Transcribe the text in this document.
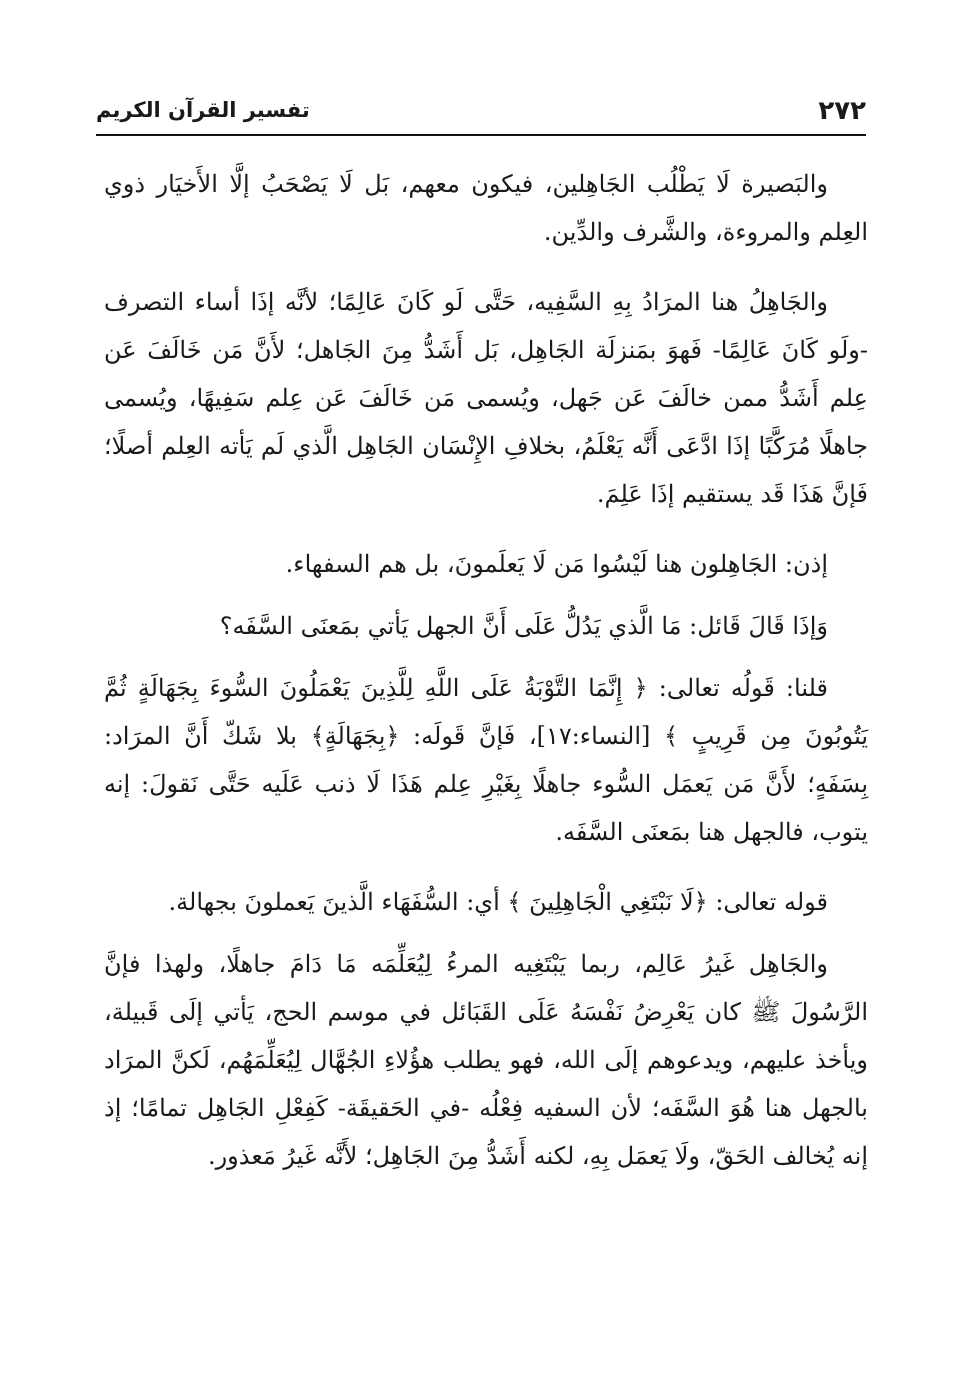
٢٧٢
تفسير القرآن الكريم

والبَصيرة لَا يَطْلُب الجَاهِلين، فيكون معهم، بَل لَا يَصْحَبُ إلَّا الأَخيَار ذوي العِلم والمروءة، والشَّرف والدِّين.

والجَاهِلُ هنا المرَادُ بِهِ السَّفِيه، حَتَّى لَو كَانَ عَالِمًا؛ لأنَّه إذَا أساء التصرف -ولَو كَانَ عَالِمًا- فَهوَ بمَنزلَة الجَاهِل، بَل أَشَدُّ مِنَ الجَاهل؛ لأَنَّ مَن خَالَفَ عَن عِلم أَشَدُّ ممن خالَفَ عَن جَهل، ويُسمى مَن خَالَفَ عَن عِلم سَفِيهًا، ويُسمى جاهلًا مُرَكَّبًا إذَا ادَّعَى أَنَّه يَعْلَمُ، بخلافِ الإِنْسَان الجَاهِل الَّذي لَم يَأته العِلم أصلًا؛ فَإنَّ هَذَا قَد يستقيم إذَا عَلِمَ.

إذن: الجَاهِلون هنا لَيْسُوا مَن لَا يَعلَمونَ، بل هم السفهاء.

وَإذَا قَالَ قَائل: مَا الَّذي يَدُلُّ عَلَى أَنَّ الجهل يَأتي بمَعنَى السَّفَه؟

قلنا: قَولُه تعالى: ﴿ إِنَّمَا التَّوْبَةُ عَلَى اللَّهِ لِلَّذِينَ يَعْمَلُونَ السُّوءَ بِجَهَالَةٍ ثُمَّ يَتُوبُونَ مِن قَرِيبٍ ﴾ [النساء:١٧]، فَإنَّ قَولَه: ﴿بِجَهَالَةٍ﴾ بلا شَكّ أَنَّ المرَاد: بِسَفَهٍ؛ لأَنَّ مَن يَعمَل السُّوء جاهلًا بِغَيْرِ عِلم هَذَا لَا ذنب عَلَيه حَتَّى نَقولَ: إنه يتوب، فالجهل هنا بمَعنَى السَّفَه.

قوله تعالى: ﴿لَا نَبْتَغِي الْجَاهِلِينَ ﴾ أي: السُّفَهَاء الَّذينَ يَعملونَ بجهالة.

والجَاهِل غَيرُ عَالِم، ربما يَبْتَغِيه المرءُ لِيُعَلِّمَه مَا دَامَ جاهلًا، ولهذا فإنَّ الرَّسُولَ ﷺ كان يَعْرِضُ نَفْسَهُ عَلَى القَبَائل في موسم الحج، يَأتي إلَى قَبيلة، ويأخذ عليهم، ويدعوهم إلَى الله، فهو يطلب هؤُلاءِ الجُهَّال لِيُعَلِّمَهُم، لَكنَّ المرَاد بالجهل هنا هُوَ السَّفَه؛ لأن السفيه فِعْلُه -في الحَقيقَة- كَفِعْلِ الجَاهِل تمامًا؛ إذ إنه يُخالف الحَقّ، ولَا يَعمَل بِهِ، لكنه أَشَدُّ مِنَ الجَاهِل؛ لأَنَّه غَيرُ مَعذور.
